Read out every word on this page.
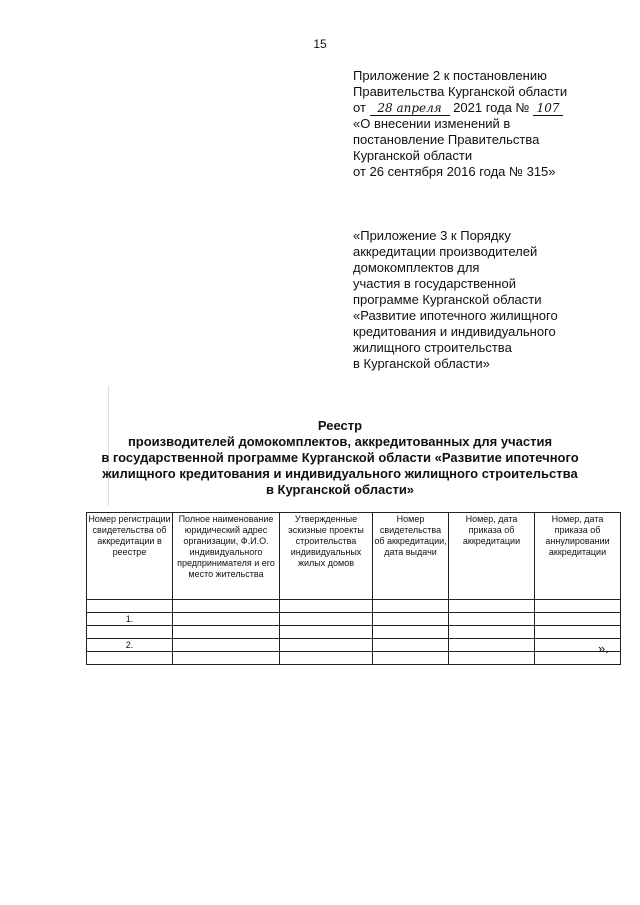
15
Приложение 2 к постановлению
Правительства Курганской области
от 28 апреля 2021 года № 107
«О внесении изменений в
постановление Правительства
Курганской области
от 26 сентября 2016 года № 315»
«Приложение 3 к Порядку
аккредитации производителей
домокомплектов для
участия в государственной
программе Курганской области
«Развитие ипотечного жилищного
кредитования и индивидуального
жилищного строительства
в Курганской области»
Реестр
производителей домокомплектов, аккредитованных для участия
в государственной программе Курганской области «Развитие ипотечного
жилищного кредитования и индивидуального жилищного строительства
в Курганской области»
Номер регистрации свидетельства об аккредитации в реестре	Полное наименование юридический адрес организации, Ф.И.О. индивидуального предпринимателя и его место жительства	Утвержденные эскизные проекты строительства индивидуальных жилых домов	Номер свидетельства об аккредитации, дата выдачи	Номер, дата приказа об аккредитации	Номер, дата приказа об аннулировании аккредитации

1.					

2.					
						».
